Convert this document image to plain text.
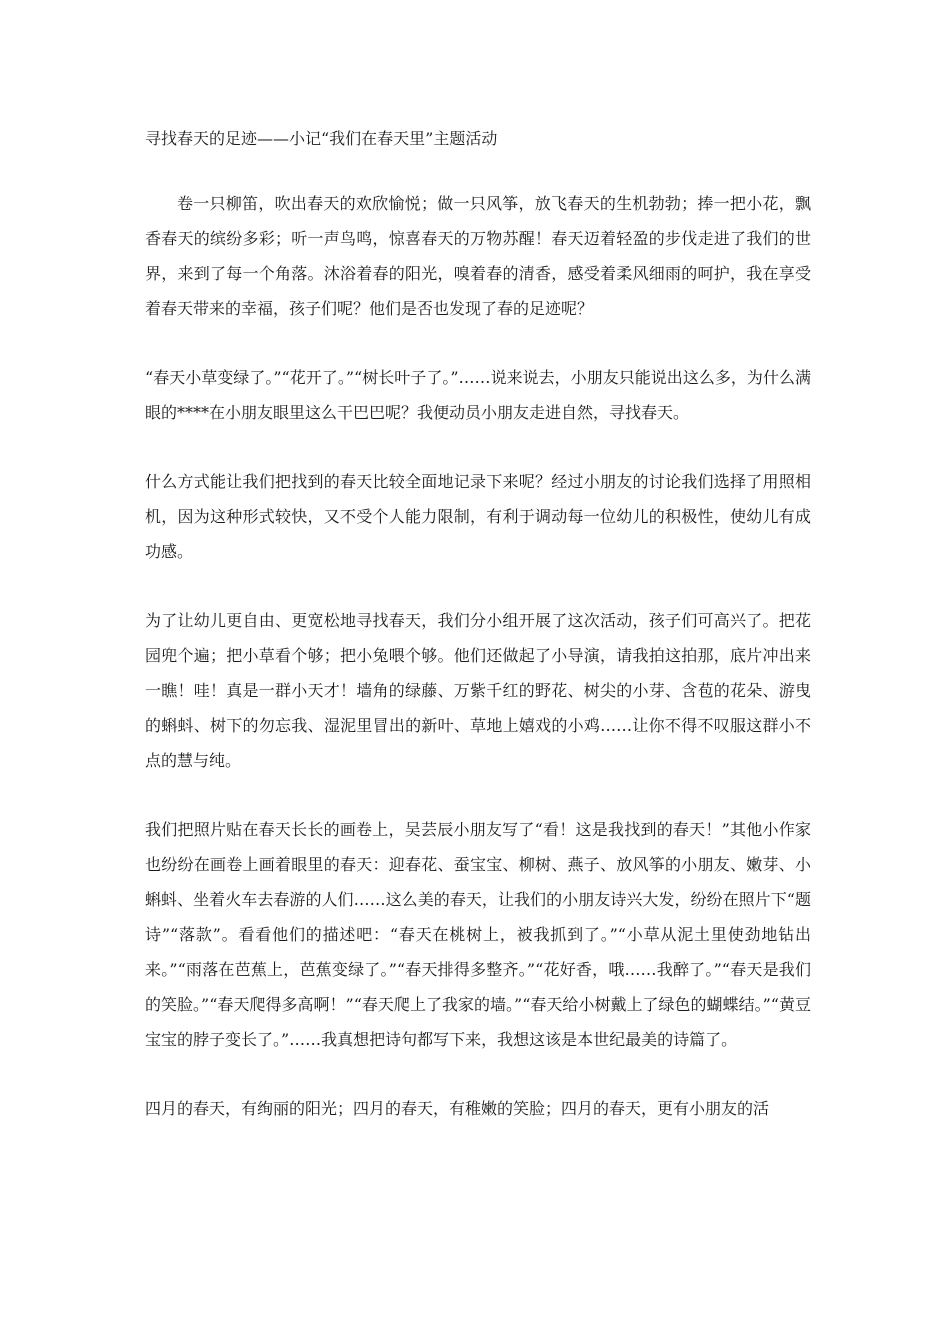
寻找春天的足迹——小记“我们在春天里”主题活动

卷一只柳笛，吹出春天的欢欣愉悦；做一只风筝，放飞春天的生机勃勃；捧一把小花，飘香春天的缤纷多彩；听一声鸟鸣，惊喜春天的万物苏醒！春天迈着轻盈的步伐走进了我们的世界，来到了每一个角落。沐浴着春的阳光，嗅着春的清香，感受着柔风细雨的呵护，我在享受着春天带来的幸福，孩子们呢？他们是否也发现了春的足迹呢？

“春天小草变绿了。”“花开了。”“树长叶子了。”……说来说去，小朋友只能说出这么多，为什么满眼的****在小朋友眼里这么干巴巴呢？我便动员小朋友走进自然，寻找春天。

什么方式能让我们把找到的春天比较全面地记录下来呢？经过小朋友的讨论我们选择了用照相机，因为这种形式较快，又不受个人能力限制，有利于调动每一位幼儿的积极性，使幼儿有成功感。

为了让幼儿更自由、更宽松地寻找春天，我们分小组开展了这次活动，孩子们可高兴了。把花园兜个遍；把小草看个够；把小兔喂个够。他们还做起了小导演，请我拍这拍那，底片冲出来一瞧！哇！真是一群小天才！墙角的绿藤、万紫千红的野花、树尖的小芽、含苞的花朵、游曳的蝌蚪、树下的勿忘我、湿泥里冒出的新叶、草地上嬉戏的小鸡……让你不得不叹服这群小不点的慧与纯。

我们把照片贴在春天长长的画卷上，吴芸辰小朋友写了“看！这是我找到的春天！”其他小作家也纷纷在画卷上画着眼里的春天：迎春花、蚕宝宝、柳树、燕子、放风筝的小朋友、嫩芽、小蝌蚪、坐着火车去春游的人们……这么美的春天，让我们的小朋友诗兴大发，纷纷在照片下“题诗”“落款”。看看他们的描述吧：“春天在桃树上，被我抓到了。”“小草从泥土里使劲地钻出来。”“雨落在芭蕉上，芭蕉变绿了。”“春天排得多整齐。”“花好香，哦……我醉了。”“春天是我们的笑脸。”“春天爬得多高啊！”“春天爬上了我家的墙。”“春天给小树戴上了绿色的蝴蝶结。”“黄豆宝宝的脖子变长了。”……我真想把诗句都写下来，我想这该是本世纪最美的诗篇了。

四月的春天，有绚丽的阳光；四月的春天，有稚嫩的笑脸；四月的春天，更有小朋友的活
